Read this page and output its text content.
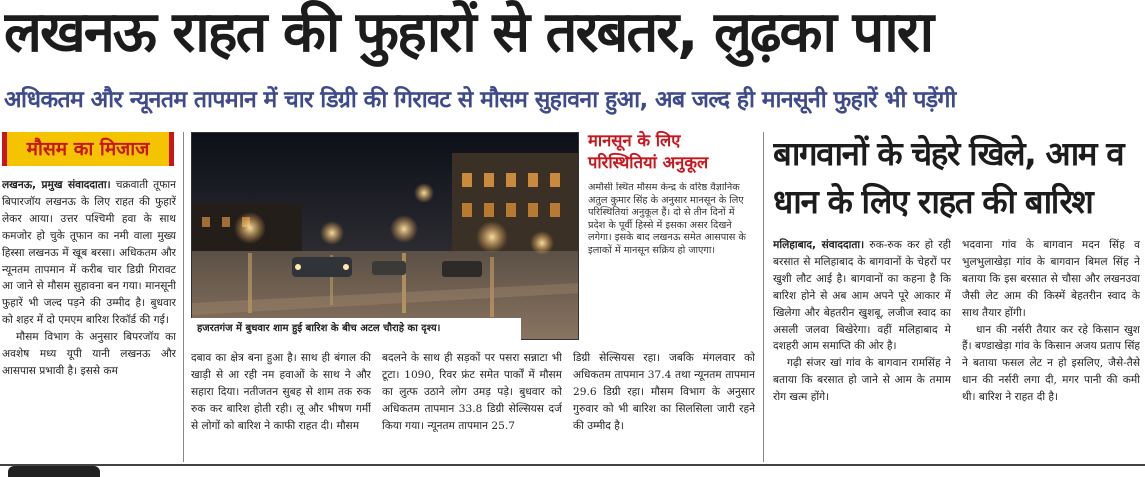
लखनऊ राहत की फुहारों से तरबतर, लुढ़का पारा
अधिकतम और न्यूनतम तापमान में चार डिग्री की गिरावट से मौसम सुहावना हुआ, अब जल्द ही मानसूनी फुहारें भी पड़ेंगी
मौसम का मिजाज

लखनऊ, प्रमुख संवाददाता। चक्रवाती तूफान बिपारजॉय लखनऊ के लिए राहत की फुहारें लेकर आया। उत्तर पश्चिमी हवा के साथ कमजोर हो चुके तूफान का नमी वाला मुख्य हिस्सा लखनऊ में खूब बरसा। अधिकतम और न्यूनतम तापमान में करीब चार डिग्री गिरावट आ जाने से मौसम सुहावना बन गया। मानसूनी फुहारें भी जल्द पड़ने की उम्मीद है। बुधवार को शहर में दो एमएम बारिश रिकॉर्ड की गई।

मौसम विभाग के अनुसार बिपरजॉय का अवशेष मध्य यूपी यानी लखनऊ और आसपास प्रभावी है। इससे कम

हजरतगंज में बुधवार शाम हुई बारिश के बीच अटल चौराहे का दृश्य।
मानसून के लिए परिस्थितियां अनुकूल
अमौसी स्थित मौसम केन्द्र के वरिष्ठ वैज्ञानिक अतुल कुमार सिंह के अनुसार मानसून के लिए परिस्थितियां अनुकूल हैं। दो से तीन दिनों में प्रदेश के पूर्वी हिस्से में इसका असर दिखने लगेगा। इसके बाद लखनऊ समेत आसपास के इलाकों में मानसून सक्रिय हो जाएगा।

दबाव का क्षेत्र बना हुआ है। साथ ही बंगाल की खाड़ी से आ रही नम हवाओं के साथ ने और सहारा दिया। नतीजतन सुबह से शाम तक रुक रुक कर बारिश होती रही। लू और भीषण गर्मी से लोगों को बारिश ने काफी राहत दी। मौसम

बदलने के साथ ही सड़कों पर पसरा सन्नाटा भी टूटा। 1090, रिवर फ्रंट समेत पार्कों में मौसम का लुत्फ उठाने लोग उमड़ पड़े। बुधवार को अधिकतम तापमान 33.8 डिग्री सेल्सियस दर्ज किया गया। न्यूनतम तापमान 25.7

डिग्री सेल्सियस रहा। जबकि मंगलवार को अधिकतम तापमान 37.4 तथा न्यूनतम तापमान 29.6 डिग्री रहा। मौसम विभाग के अनुसार गुरुवार को भी बारिश का सिलसिला जारी रहने की उम्मीद है।

बागवानों के चेहरे खिले, आम व धान के लिए राहत की बारिश

मलिहाबाद, संवाददाता। रुक-रुक कर हो रही बरसात से मलिहाबाद के बागवानों के चेहरों पर खुशी लौट आई है। बागवानों का कहना है कि बारिश होने से अब आम अपने पूरे आकार में खिलेगा और बेहतरीन खुशबू, लजीज स्वाद का असली जलवा बिखेरेगा। वहीं मलिहाबाद मे दशहरी आम समाप्ति की ओर है।

गढ़ी संजर खां गांव के बागवान रामसिंह ने बताया कि बरसात हो जाने से आम के तमाम रोग खत्म होंगे।

भदवाना गांव के बागवान मदन सिंह व भुलभुलाखेड़ा गांव के बागवान बिमल सिंह ने बताया कि इस बरसात से चौसा और लखनउवा जैसी लेट आम की किस्में बेहतरीन स्वाद के साथ तैयार होंगी।

धान की नर्सरी तैयार कर रहे किसान खुश हैं। बण्डाखेड़ा गांव के किसान अजय प्रताप सिंह ने बताया फसल लेट न हो इसलिए, जैसे-तैसे धान की नर्सरी लगा दी, मगर पानी की कमी थी। बारिश ने राहत दी है।
